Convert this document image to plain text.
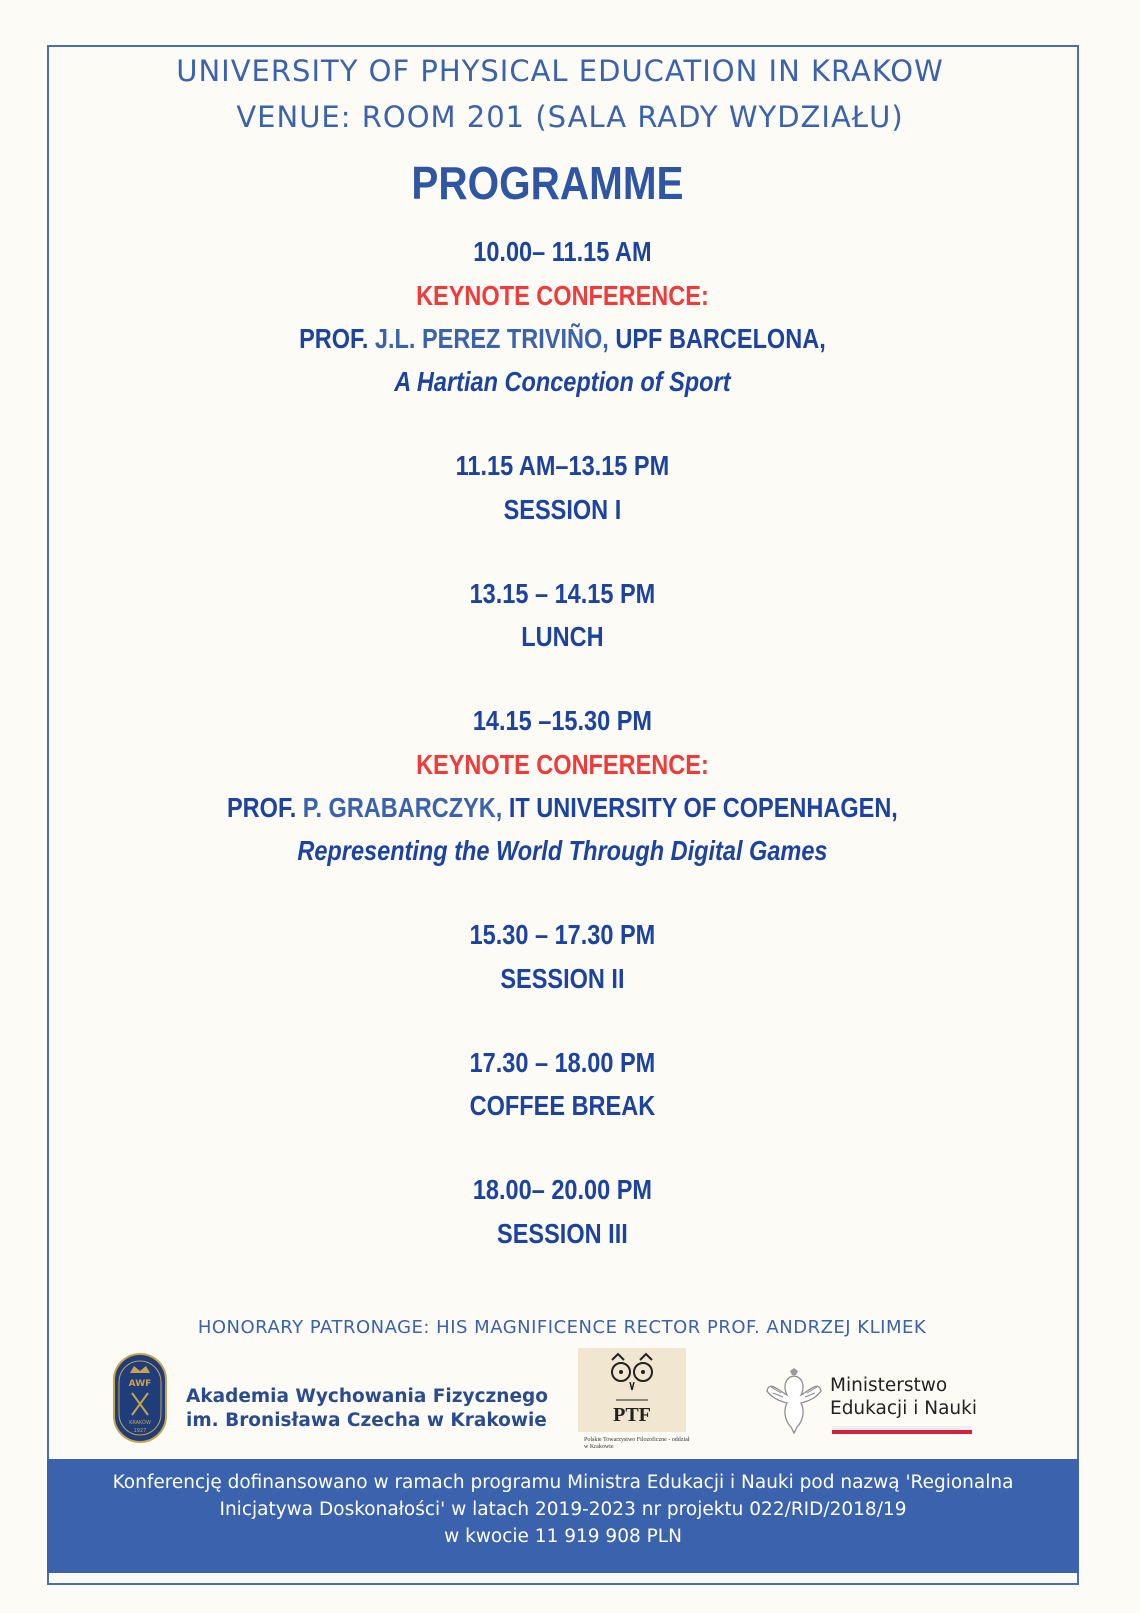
UNIVERSITY OF PHYSICAL EDUCATION IN KRAKOW
VENUE: ROOM 201 (SALA RADY WYDZIAŁU)
PROGRAMME
10.00– 11.15 AM
KEYNOTE CONFERENCE:
PROF. J.L. PEREZ TRIVIÑO, UPF BARCELONA,
A Hartian Conception of Sport
11.15 AM–13.15 PM
SESSION I
13.15 – 14.15 PM
LUNCH
14.15 –15.30 PM
KEYNOTE CONFERENCE:
PROF. P. GRABARCZYK, IT UNIVERSITY OF COPENHAGEN,
Representing the World Through Digital Games
15.30 – 17.30 PM
SESSION II
17.30 – 18.00 PM
COFFEE BREAK
18.00– 20.00 PM
SESSION III
HONORARY PATRONAGE: HIS MAGNIFICENCE RECTOR PROF. ANDRZEJ KLIMEK
AWF
KRAKÓW
1927
Akademia Wychowania Fizycznego
im. Bronisława Czecha w Krakowie	PTF
Polskie Towarzystwo Filozoficzne - oddział w Krakowie
Ministerstwo
Edukacji i Nauki
Konferencję dofinansowano w ramach programu Ministra Edukacji i Nauki pod nazwą 'Regionalna
Inicjatywa Doskonałości' w latach 2019-2023 nr projektu 022/RID/2018/19
w kwocie 11 919 908 PLN
